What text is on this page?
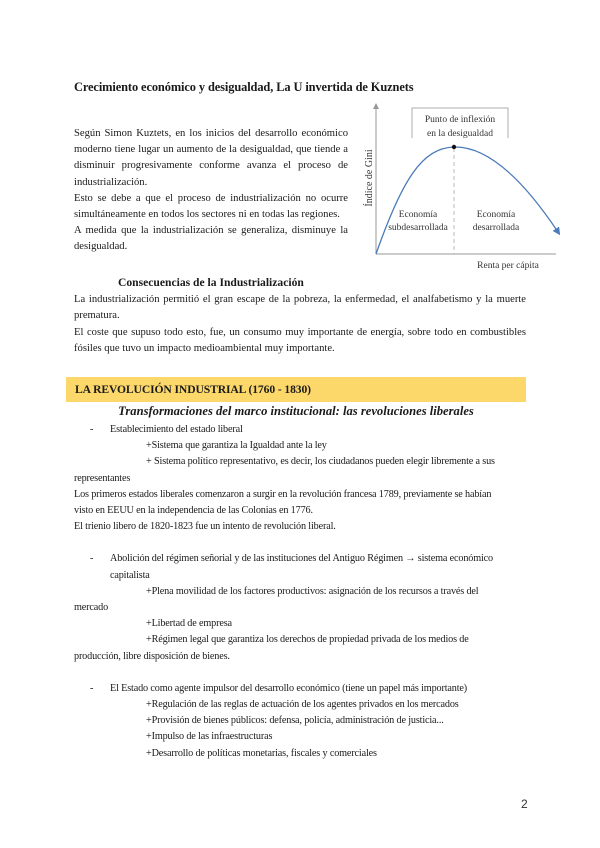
Crecimiento económico y desigualdad, La U invertida de Kuznets

Según Simon Kuztets, en los inicios del desarrollo económico moderno tiene lugar un aumento de la desigualdad, que tiende a disminuir progresivamente conforme avanza el proceso de industrialización.

Esto se debe a que el proceso de industrialización no ocurre simultáneamente en todos los sectores ni en todas las regiones.

A medida que la industrialización se generaliza, disminuye la desigualdad.

Índice de Gini
Renta per cápita
Punto de inflexión
en la desigualdad
Economía
subdesarrollada
Economía
desarrollada
Consecuencias de la Industrialización

La industrialización permitió el gran escape de la pobreza, la enfermedad, el analfabetismo y la muerte prematura.

El coste que supuso todo esto, fue, un consumo muy importante de energía, sobre todo en combustibles fósiles que tuvo un impacto medioambiental muy importante.

LA REVOLUCIÓN INDUSTRIAL (1760 - 1830)
Transformaciones del marco institucional: las revoluciones liberales
- Establecimiento del estado liberal
+Sistema que garantiza la Igualdad ante la ley
+ Sistema político representativo, es decir, los ciudadanos pueden elegir libremente a sus
representantes
Los primeros estados liberales comenzaron a surgir en la revolución francesa 1789, previamente se habían
visto en EEUU en la independencia de las Colonias en 1776.
El trienio libero de 1820-1823 fue un intento de revolución liberal.
- Abolición del régimen señorial y de las instituciones del Antiguo Régimen → sistema económico
capitalista
+Plena movilidad de los factores productivos: asignación de los recursos a través del
mercado
+Libertad de empresa
+Régimen legal que garantiza los derechos de propiedad privada de los medios de
producción, libre disposición de bienes.
- El Estado como agente impulsor del desarrollo económico (tiene un papel más importante)
+Regulación de las reglas de actuación de los agentes privados en los mercados
+Provisión de bienes públicos: defensa, policía, administración de justicia...
+Impulso de las infraestructuras
+Desarrollo de políticas monetarias, fiscales y comerciales
2
